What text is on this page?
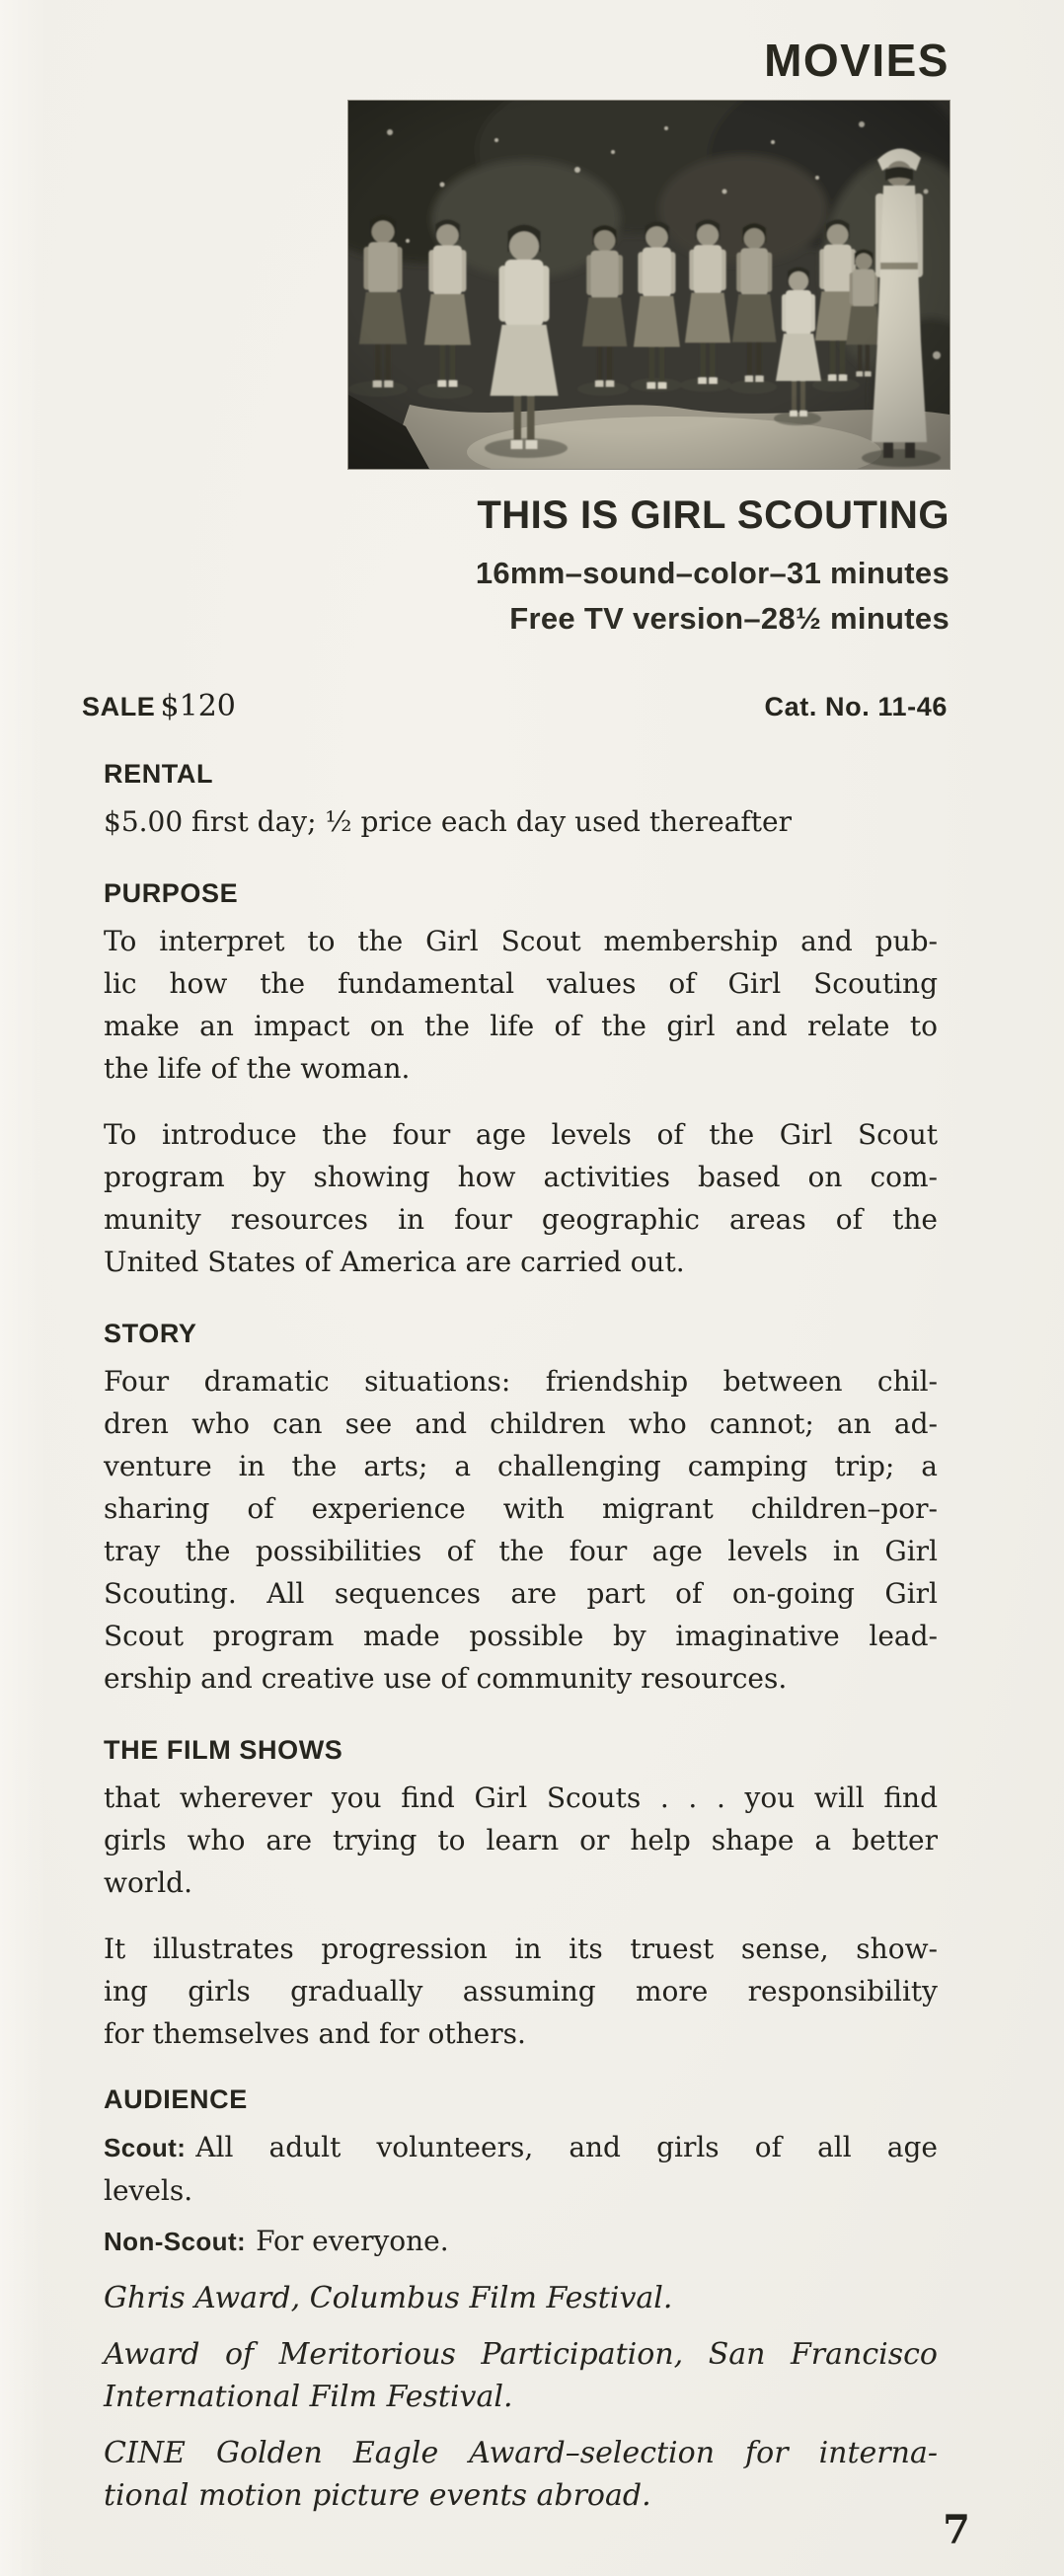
MOVIES
THIS IS GIRL SCOUTING
16mm–sound–color–31 minutes
Free TV version–28½ minutes
SALE $120	Cat. No. 11-46
RENTAL
$5.00 first day; ½ price each day used thereafter
PURPOSE
To interpret to the Girl Scout membership and pub-
lic how the fundamental values of Girl Scouting
make an impact on the life of the girl and relate to
the life of the woman.
To introduce the four age levels of the Girl Scout
program by showing how activities based on com-
munity resources in four geographic areas of the
United States of America are carried out.
STORY
Four dramatic situations: friendship between chil-
dren who can see and children who cannot; an ad-
venture in the arts; a challenging camping trip; a
sharing of experience with migrant children–por-
tray the possibilities of the four age levels in Girl
Scouting. All sequences are part of on-going Girl
Scout program made possible by imaginative lead-
ership and creative use of community resources.
THE FILM SHOWS
that wherever you find Girl Scouts . . . you will find
girls who are trying to learn or help shape a better
world.
It illustrates progression in its truest sense, show-
ing girls gradually assuming more responsibility
for themselves and for others.
AUDIENCE
Scout: All adult volunteers, and girls of all age
levels.
Non-Scout: For everyone.
Ghris Award, Columbus Film Festival.
Award of Meritorious Participation, San Francisco
International Film Festival.
CINE Golden Eagle Award–selection for interna-
tional motion picture events abroad.
7
